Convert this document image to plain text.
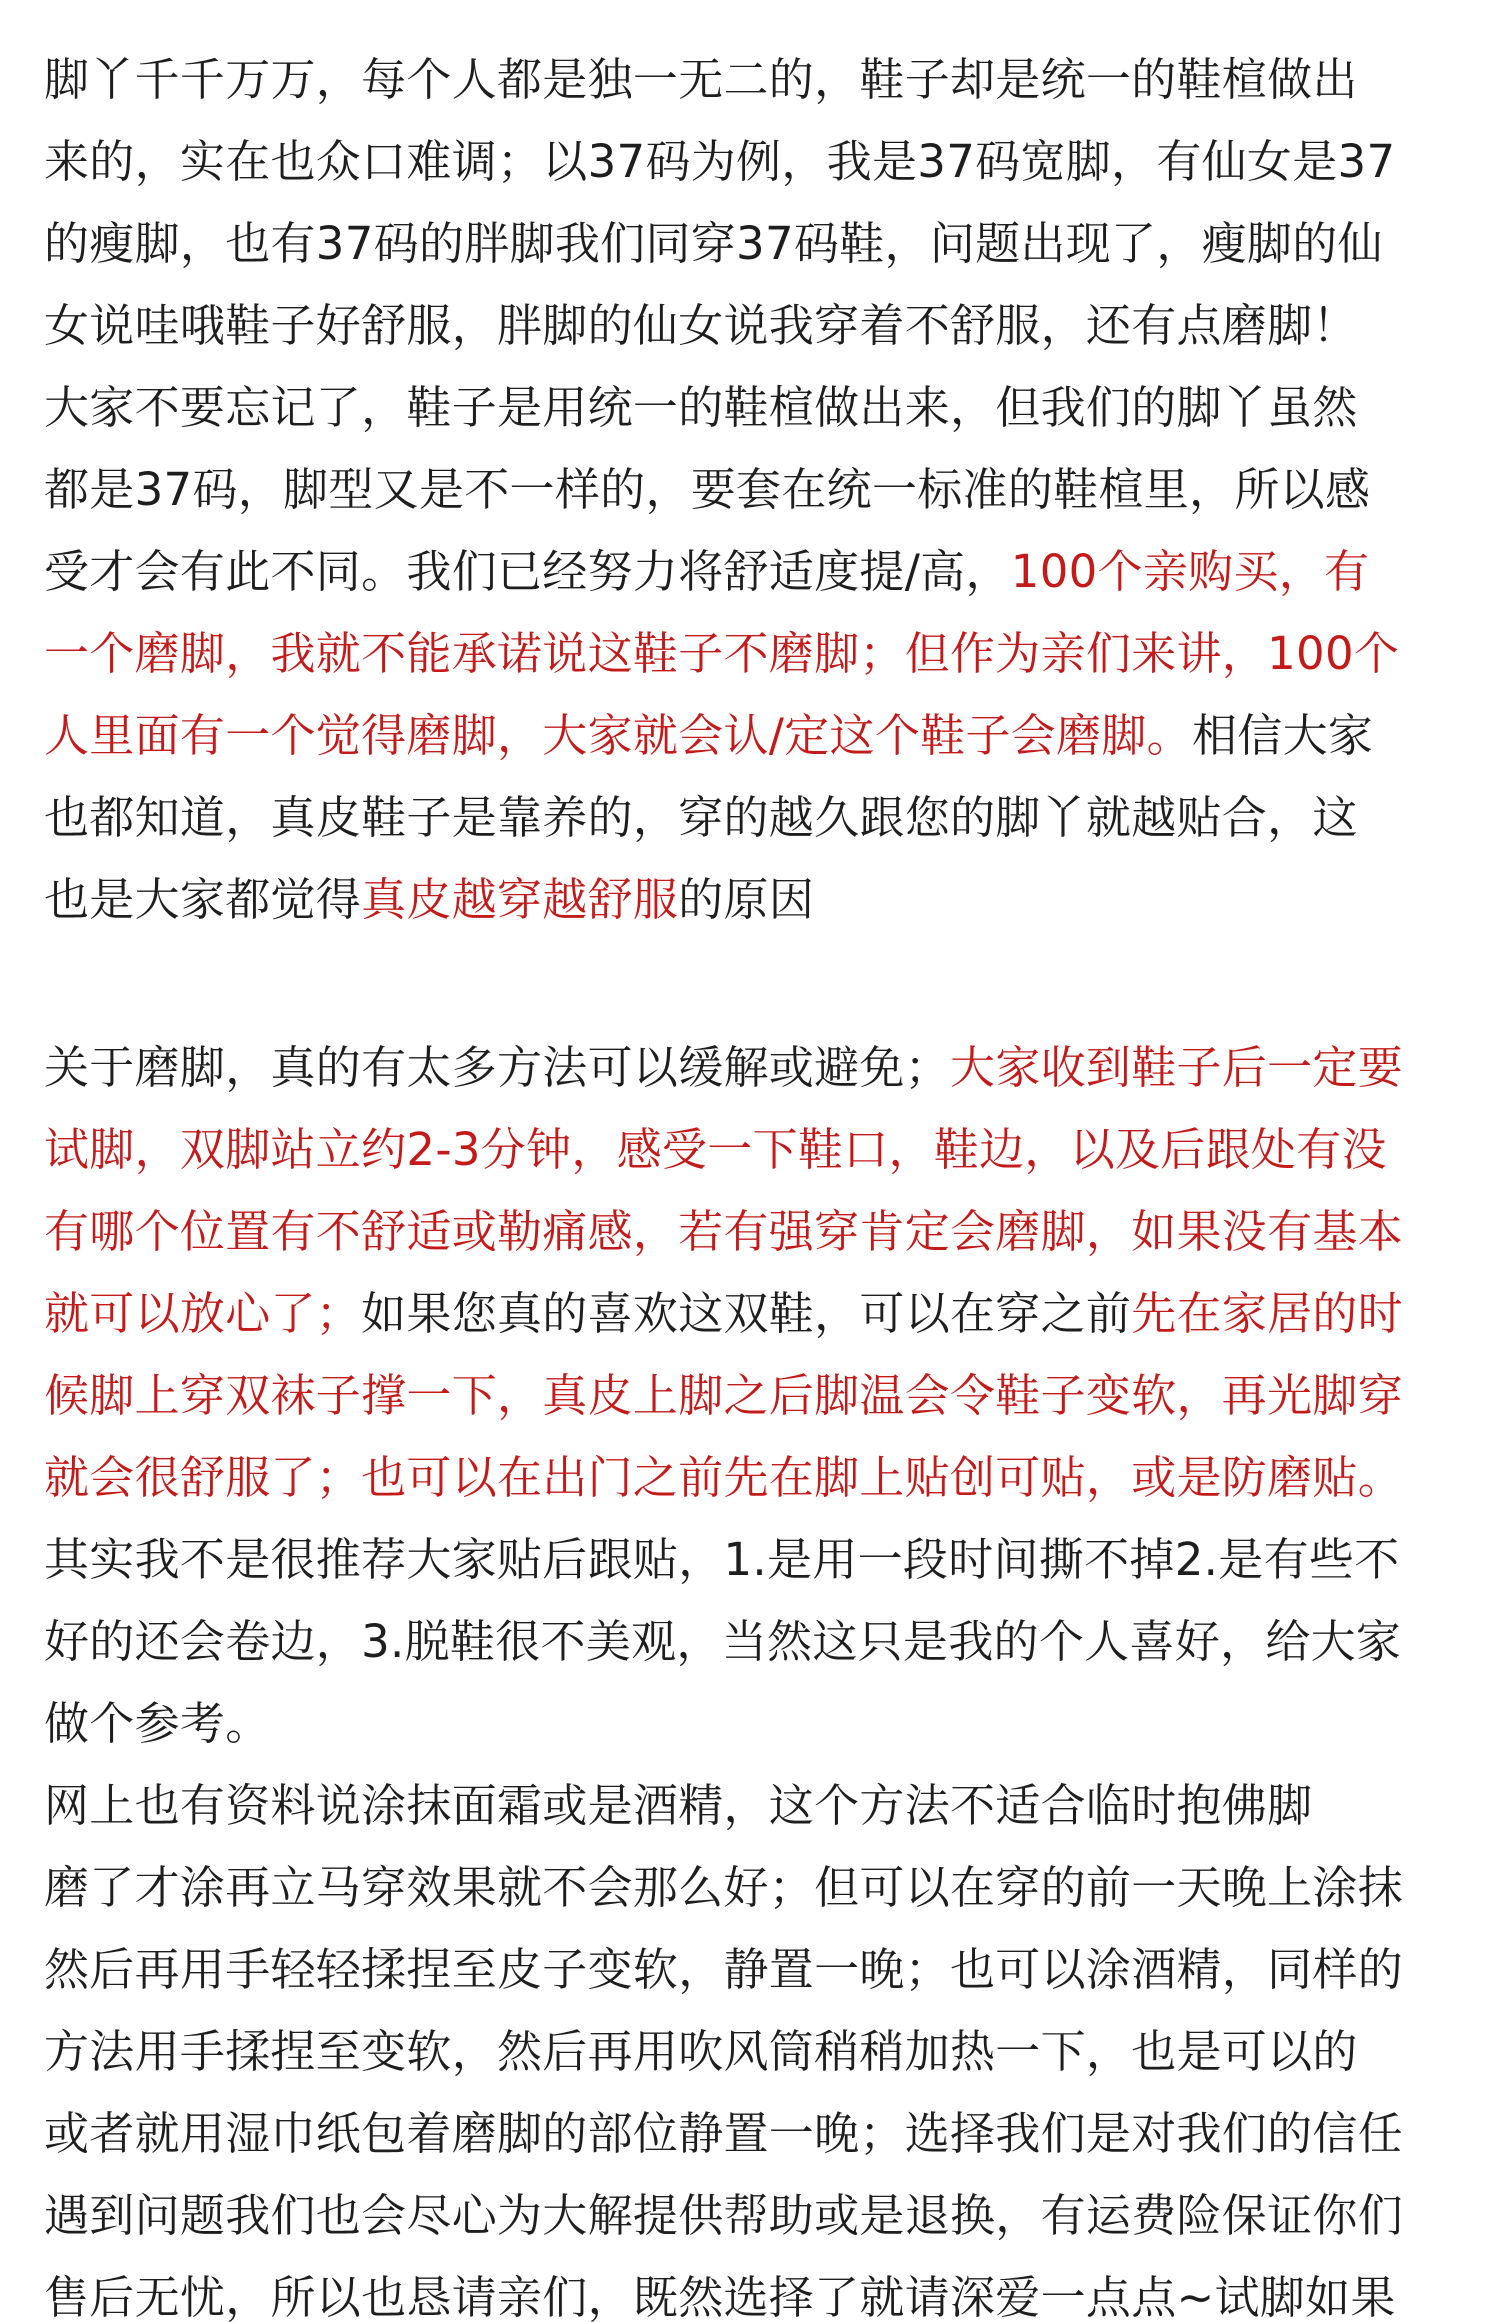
脚丫千千万万，每个人都是独一无二的，鞋子却是统一的鞋楦做出
来的，实在也众口难调；以37码为例，我是37码宽脚，有仙女是37
的瘦脚，也有37码的胖脚我们同穿37码鞋，问题出现了，瘦脚的仙
女说哇哦鞋子好舒服，胖脚的仙女说我穿着不舒服，还有点磨脚！
大家不要忘记了，鞋子是用统一的鞋楦做出来，但我们的脚丫虽然
都是37码，脚型又是不一样的，要套在统一标准的鞋楦里，所以感
受才会有此不同。我们已经努力将舒适度提/高，100个亲购买，有
一个磨脚，我就不能承诺说这鞋子不磨脚；但作为亲们来讲，100个
人里面有一个觉得磨脚，大家就会认/定这个鞋子会磨脚。相信大家
也都知道，真皮鞋子是靠养的，穿的越久跟您的脚丫就越贴合，这
也是大家都觉得真皮越穿越舒服的原因
关于磨脚，真的有太多方法可以缓解或避免；大家收到鞋子后一定要
试脚，双脚站立约2-3分钟，感受一下鞋口，鞋边，以及后跟处有没
有哪个位置有不舒适或勒痛感，若有强穿肯定会磨脚，如果没有基本
就可以放心了；如果您真的喜欢这双鞋，可以在穿之前先在家居的时
候脚上穿双袜子撑一下，真皮上脚之后脚温会令鞋子变软，再光脚穿
就会很舒服了；也可以在出门之前先在脚上贴创可贴，或是防磨贴。
其实我不是很推荐大家贴后跟贴，1.是用一段时间撕不掉2.是有些不
好的还会卷边，3.脱鞋很不美观，当然这只是我的个人喜好，给大家
做个参考。
网上也有资料说涂抹面霜或是酒精，这个方法不适合临时抱佛脚
磨了才涂再立马穿效果就不会那么好；但可以在穿的前一天晚上涂抹
然后再用手轻轻揉捏至皮子变软，静置一晚；也可以涂酒精，同样的
方法用手揉捏至变软，然后再用吹风筒稍稍加热一下，也是可以的
或者就用湿巾纸包着磨脚的部位静置一晚；选择我们是对我们的信任
遇到问题我们也会尽心为大解提供帮助或是退换，有运费险保证你们
售后无忧，所以也恳请亲们，既然选择了就请深爱一点点~试脚如果
